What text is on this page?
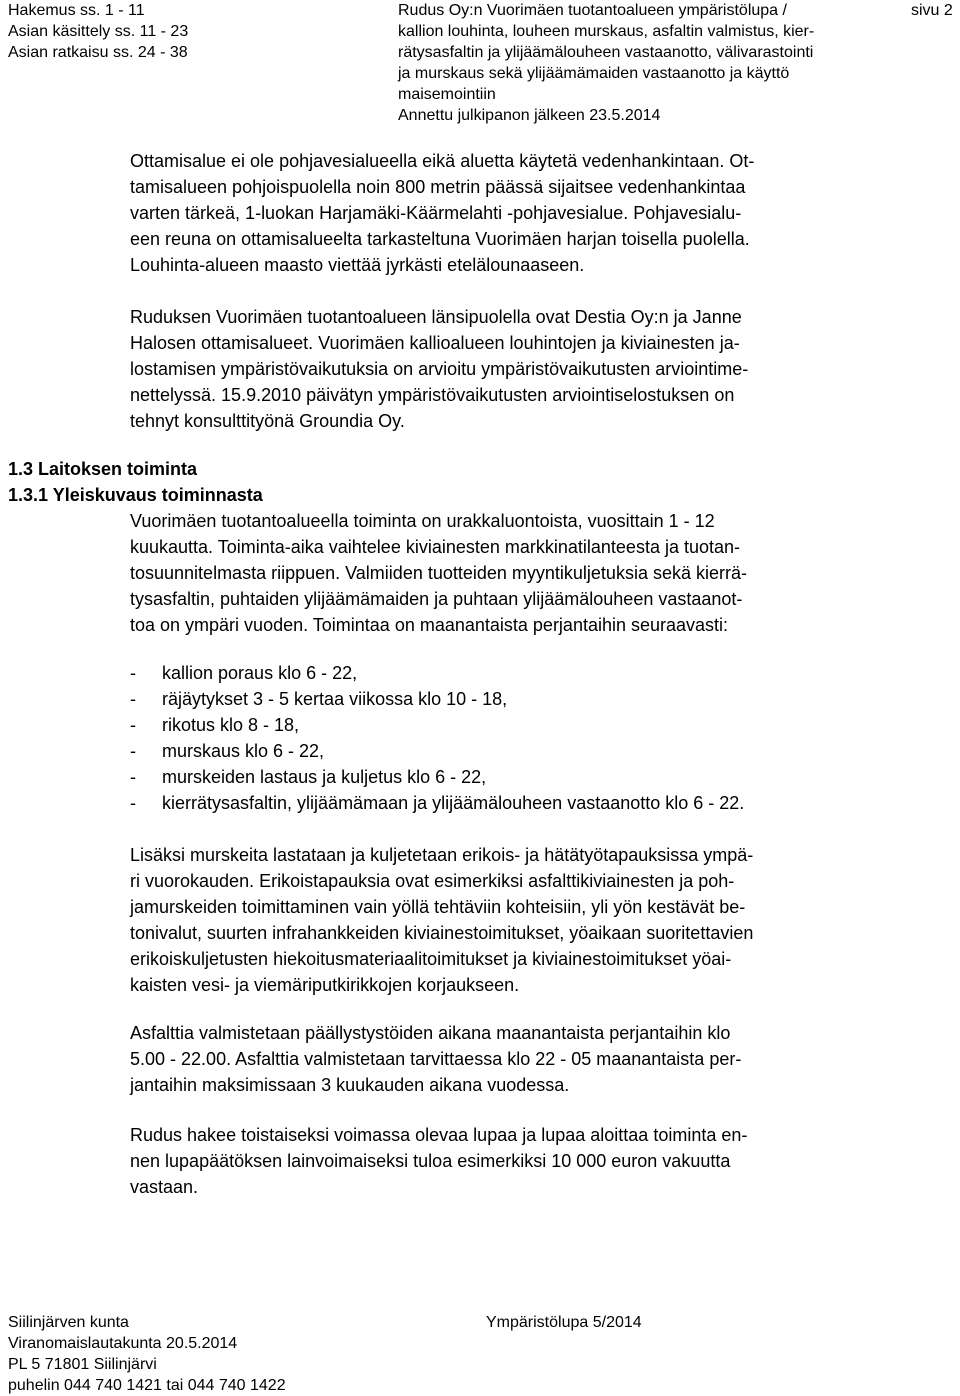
Hakemus ss. 1 - 11
Asian käsittely ss. 11 - 23
Asian ratkaisu ss. 24 - 38
Rudus Oy:n Vuorimäen tuotantoalueen ympäristölupa /
kallion louhinta, louheen murskaus, asfaltin valmistus, kier-
rätysasfaltin ja ylijäämälouheen vastaanotto, välivarastointi
ja murskaus sekä ylijäämämaiden vastaanotto ja käyttö
maisemointiin
Annettu julkipanon jälkeen 23.5.2014
sivu 2
Ottamisalue ei ole pohjavesialueella eikä aluetta käytetä vedenhankintaan. Ot-
tamisalueen pohjoispuolella noin 800 metrin päässä sijaitsee vedenhankintaa
varten tärkeä, 1-luokan Harjamäki-Käärmelahti -pohjavesialue. Pohjavesialu-
een reuna on ottamisalueelta tarkasteltuna Vuorimäen harjan toisella puolella.
Louhinta-alueen maasto viettää jyrkästi etelälounaaseen.
Ruduksen Vuorimäen tuotantoalueen länsipuolella ovat Destia Oy:n ja Janne
Halosen ottamisalueet. Vuorimäen kallioalueen louhintojen ja kiviainesten ja-
lostamisen ympäristövaikutuksia on arvioitu ympäristövaikutusten arviointime-
nettelyssä. 15.9.2010 päivätyn ympäristövaikutusten arviointiselostuksen on
tehnyt konsulttityönä Groundia Oy.
1.3 Laitoksen toiminta
1.3.1 Yleiskuvaus toiminnasta
Vuorimäen tuotantoalueella toiminta on urakkaluontoista, vuosittain 1 - 12
kuukautta. Toiminta-aika vaihtelee kiviainesten markkinatilanteesta ja tuotan-
tosuunnitelmasta riippuen. Valmiiden tuotteiden myyntikuljetuksia sekä kierrä-
tysasfaltin, puhtaiden ylijäämämaiden ja puhtaan ylijäämälouheen vastaanot-
toa on ympäri vuoden. Toimintaa on maanantaista perjantaihin seuraavasti:
-	kallion poraus klo 6 - 22,
-	räjäytykset 3 - 5 kertaa viikossa klo 10 - 18,
-	rikotus klo 8 - 18,
-	murskaus klo 6 - 22,
-	murskeiden lastaus ja kuljetus klo 6 - 22,
-	kierrätysasfaltin, ylijäämämaan ja ylijäämälouheen vastaanotto klo 6 - 22.
Lisäksi murskeita lastataan ja kuljetetaan erikois- ja hätätyötapauksissa ympä-
ri vuorokauden. Erikoistapauksia ovat esimerkiksi asfalttikiviainesten ja poh-
jamurskeiden toimittaminen vain yöllä tehtäviin kohteisiin, yli yön kestävät be-
tonivalut, suurten infrahankkeiden kiviainestoimitukset, yöaikaan suoritettavien
erikoiskuljetusten hiekoitusmateriaalitoimitukset ja kiviainestoimitukset yöai-
kaisten vesi- ja viemäriputkirikkojen korjaukseen.
Asfalttia valmistetaan päällystystöiden aikana maanantaista perjantaihin klo
5.00 - 22.00. Asfalttia valmistetaan tarvittaessa klo 22 - 05 maanantaista per-
jantaihin maksimissaan 3 kuukauden aikana vuodessa.
Rudus hakee toistaiseksi voimassa olevaa lupaa ja lupaa aloittaa toiminta en-
nen lupapäätöksen lainvoimaiseksi tuloa esimerkiksi 10 000 euron vakuutta
vastaan.
Siilinjärven kunta
Viranomaislautakunta 20.5.2014
PL 5 71801 Siilinjärvi
puhelin 044 740 1421 tai 044 740 1422
Ympäristölupa 5/2014
